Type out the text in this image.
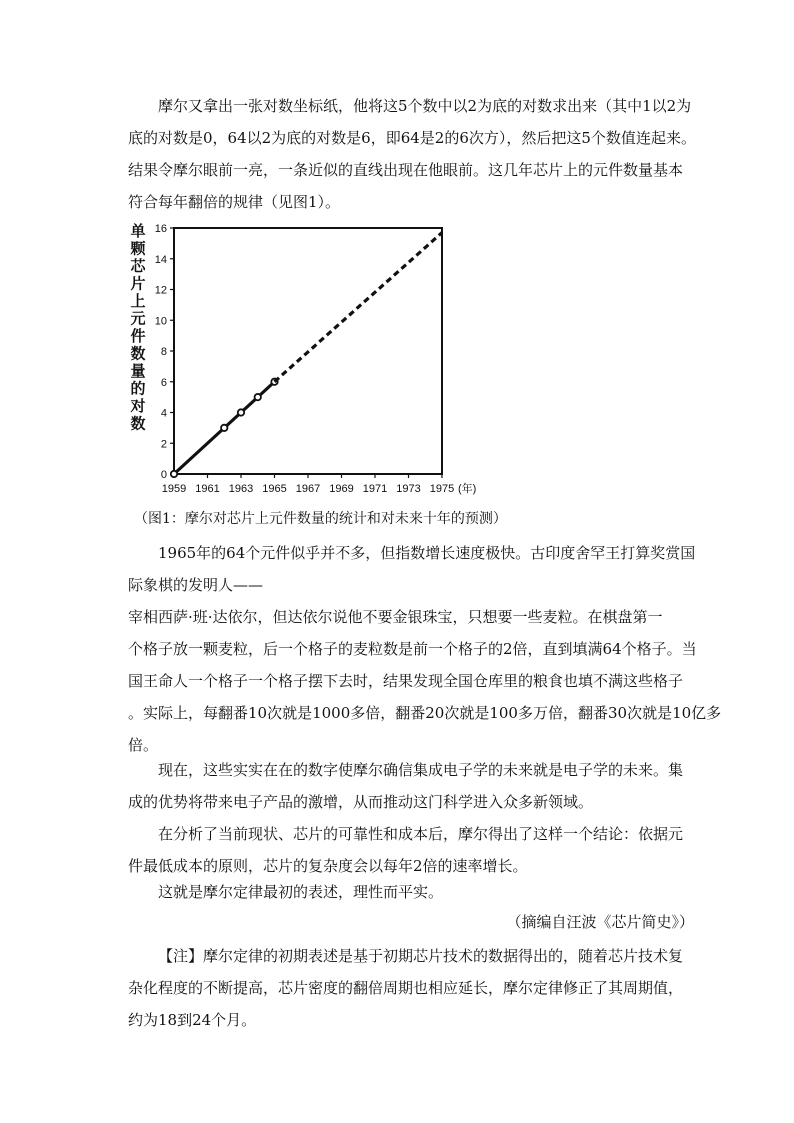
摩尔又拿出一张对数坐标纸，他将这5个数中以2为底的对数求出来（其中1以2为
底的对数是0，64以2为底的对数是6，即64是2的6次方），然后把这5个数值连起来。
结果令摩尔眼前一亮，一条近似的直线出现在他眼前。这几年芯片上的元件数量基本
符合每年翻倍的规律（见图1）。

0
2
4
6
8
10
12
14
16
1959 1961 1963 1965 1967 1969 1971 1973 1975 (年)
单
颗
芯
片
上
元
件
数
量
的
对
数

（图1：摩尔对芯片上元件数量的统计和对未来十年的预测）

1965年的64个元件似乎并不多，但指数增长速度极快。古印度舍罕王打算奖赏国
际象棋的发明人——

宰相西萨·班·达依尔，但达依尔说他不要金银珠宝，只想要一些麦粒。在棋盘第一
个格子放一颗麦粒，后一个格子的麦粒数是前一个格子的2倍，直到填满64个格子。当
国王命人一个格子一个格子摆下去时，结果发现全国仓库里的粮食也填不满这些格子
。实际上，每翻番10次就是1000多倍，翻番20次就是100多万倍，翻番30次就是10亿多
倍。

现在，这些实实在在的数字使摩尔确信集成电子学的未来就是电子学的未来。集
成的优势将带来电子产品的激增，从而推动这门科学进入众多新领域。

在分析了当前现状、芯片的可靠性和成本后，摩尔得出了这样一个结论：依据元
件最低成本的原则，芯片的复杂度会以每年2倍的速率增长。

这就是摩尔定律最初的表述，理性而平实。

（摘编自汪波《芯片简史》）

【注】摩尔定律的初期表述是基于初期芯片技术的数据得出的，随着芯片技术复
杂化程度的不断提高，芯片密度的翻倍周期也相应延长，摩尔定律修正了其周期值，
约为18到24个月。
